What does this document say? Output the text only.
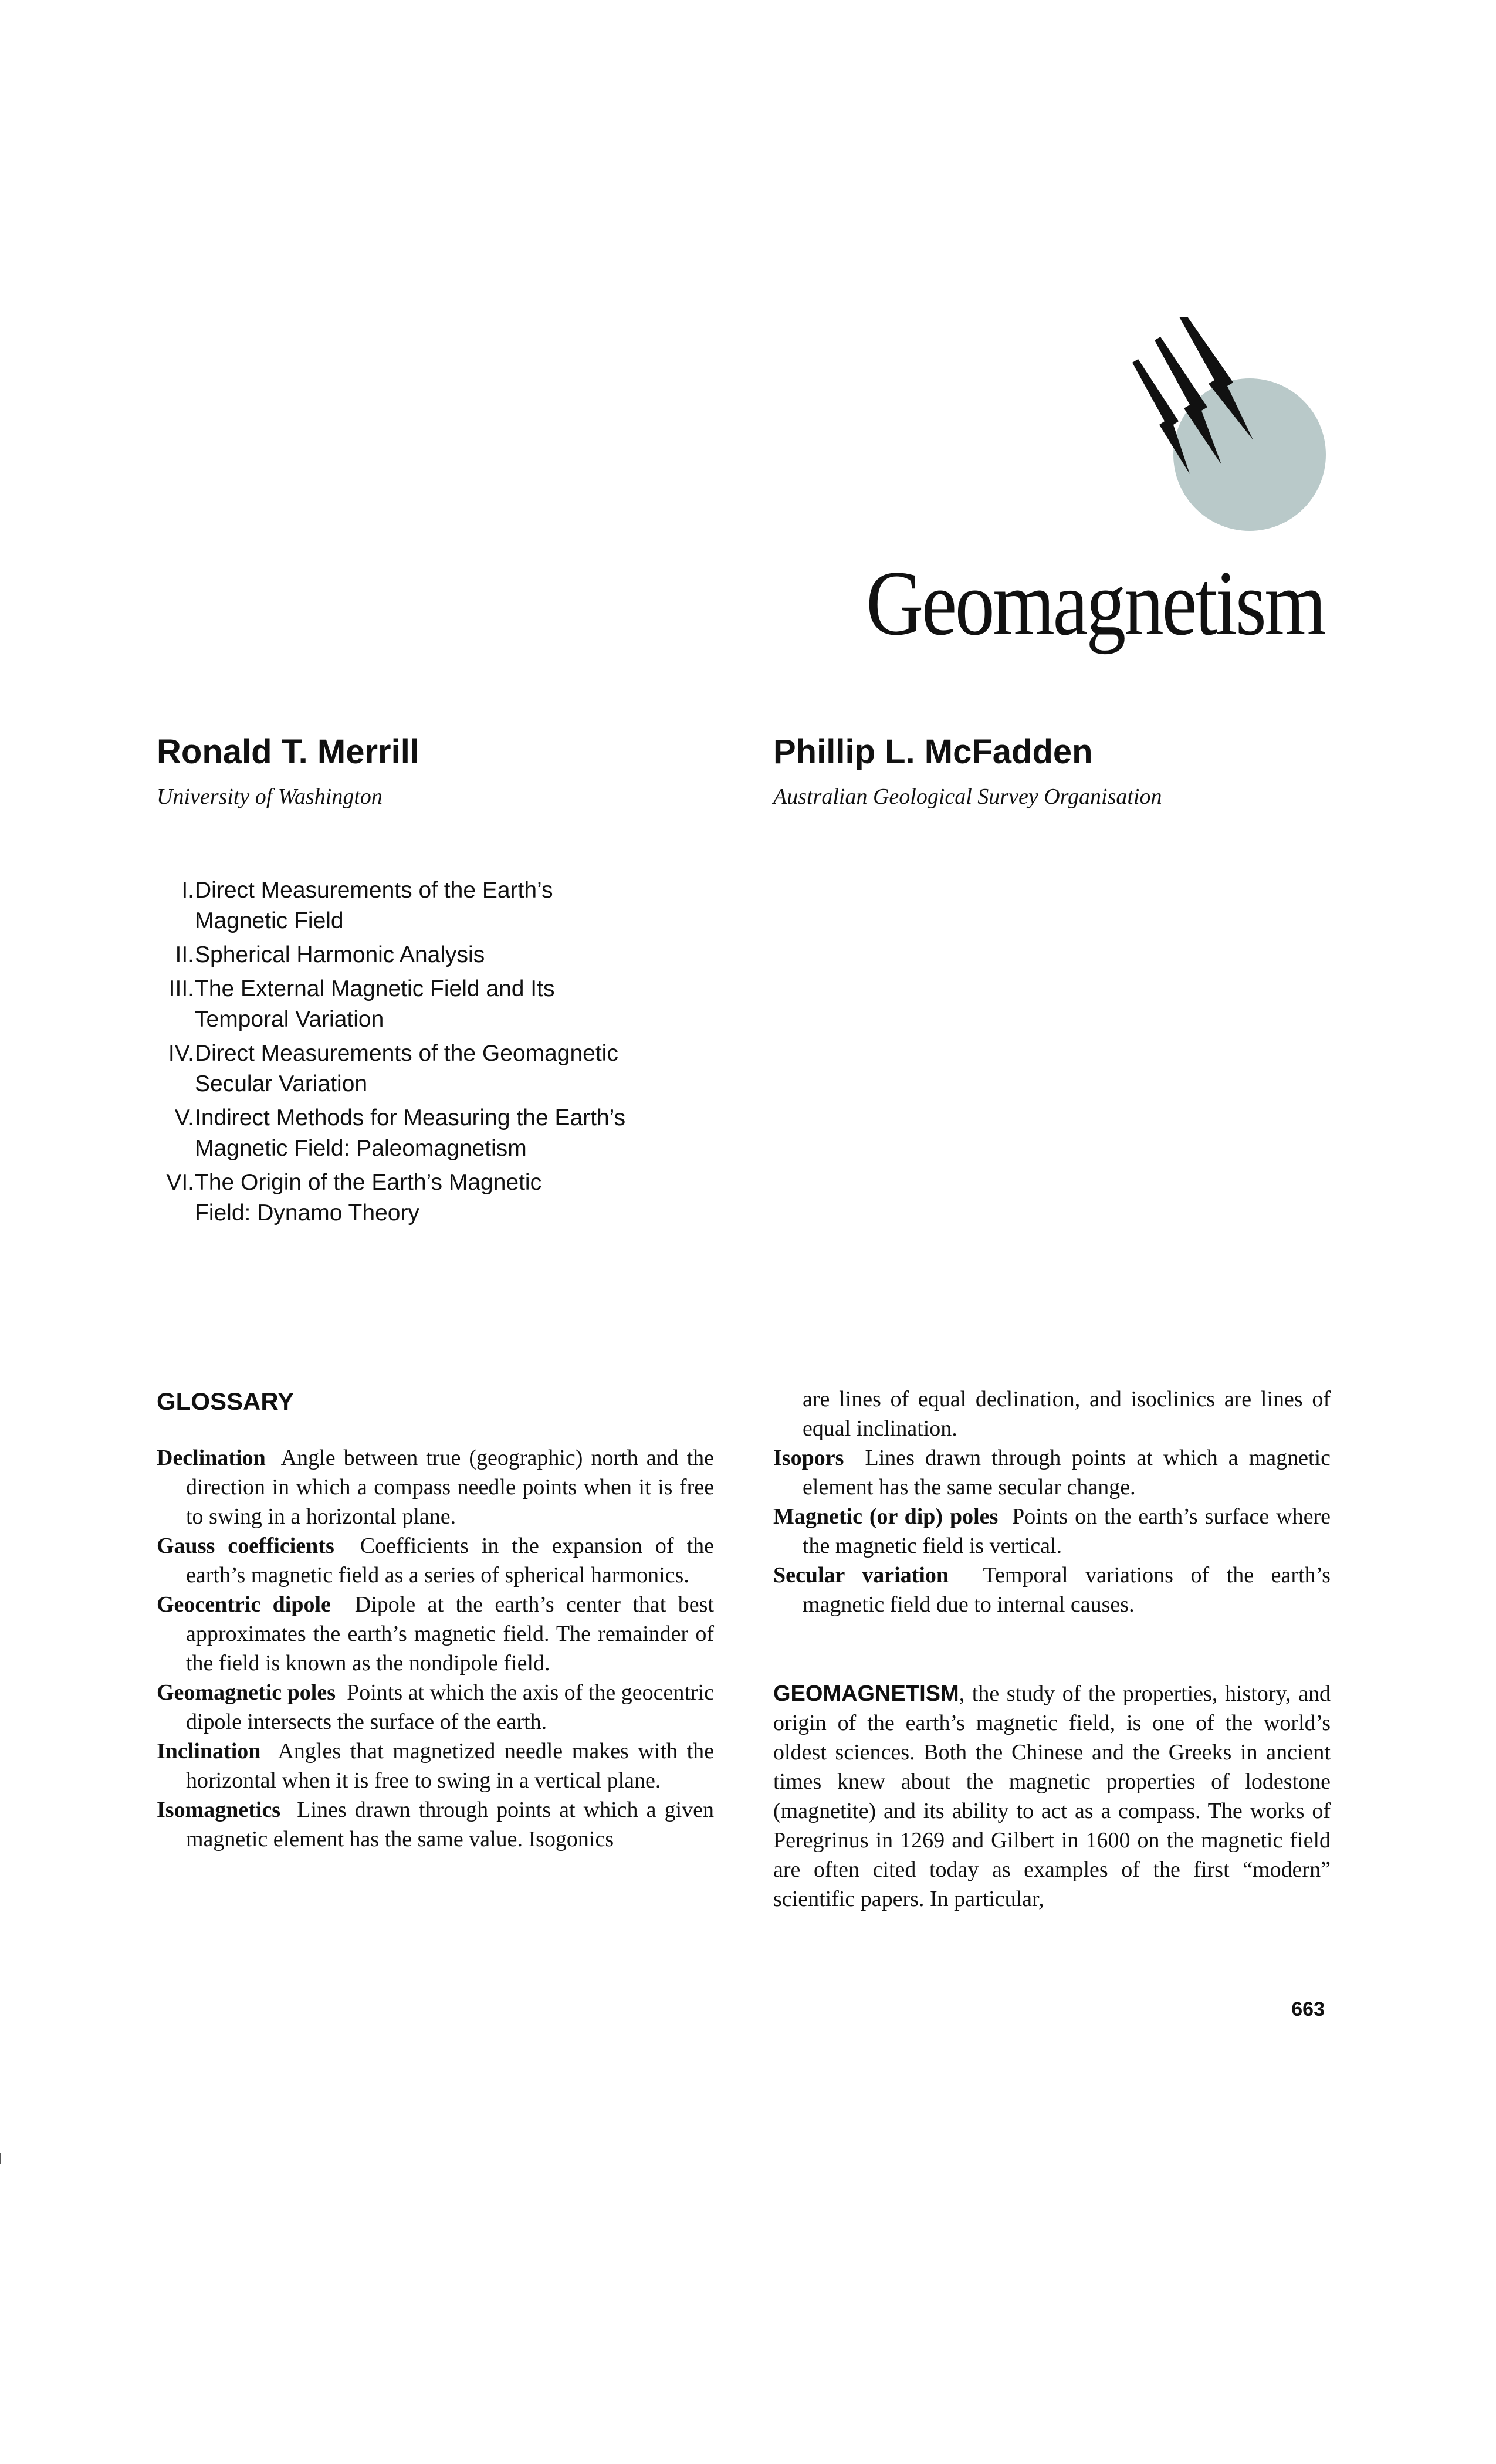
Geomagnetism
Ronald T. Merrill
University of Washington
Phillip L. McFadden
Australian Geological Survey Organisation
I. Direct Measurements of the Earth’s
Magnetic Field
II. Spherical Harmonic Analysis
III. The External Magnetic Field and Its
Temporal Variation
IV. Direct Measurements of the Geomagnetic
Secular Variation
V. Indirect Methods for Measuring the Earth’s
Magnetic Field: Paleomagnetism
VI. The Origin of the Earth’s Magnetic
Field: Dynamo Theory
GLOSSARY

Declination Angle between true (geographic) north and the direction in which a compass needle points when it is free to swing in a horizontal plane.

Gauss coefficients Coefficients in the expansion of the earth’s magnetic field as a series of spherical harmonics.

Geocentric dipole Dipole at the earth’s center that best approximates the earth’s magnetic field. The remainder of the field is known as the nondipole field.

Geomagnetic poles Points at which the axis of the geocentric dipole intersects the surface of the earth.

Inclination Angles that magnetized needle makes with the horizontal when it is free to swing in a vertical plane.

Isomagnetics Lines drawn through points at which a given magnetic element has the same value. Isogonics

are lines of equal declination, and isoclinics are lines of equal inclination.

Isopors Lines drawn through points at which a magnetic element has the same secular change.

Magnetic (or dip) poles Points on the earth’s surface where the magnetic field is vertical.

Secular variation Temporal variations of the earth’s magnetic field due to internal causes.

GEOMAGNETISM, the study of the properties, history, and origin of the earth’s magnetic field, is one of the world’s oldest sciences. Both the Chinese and the Greeks in ancient times knew about the magnetic properties of lodestone (magnetite) and its ability to act as a compass. The works of Peregrinus in 1269 and Gilbert in 1600 on the magnetic field are often cited today as examples of the first “modern” scientific papers. In particular,

663
